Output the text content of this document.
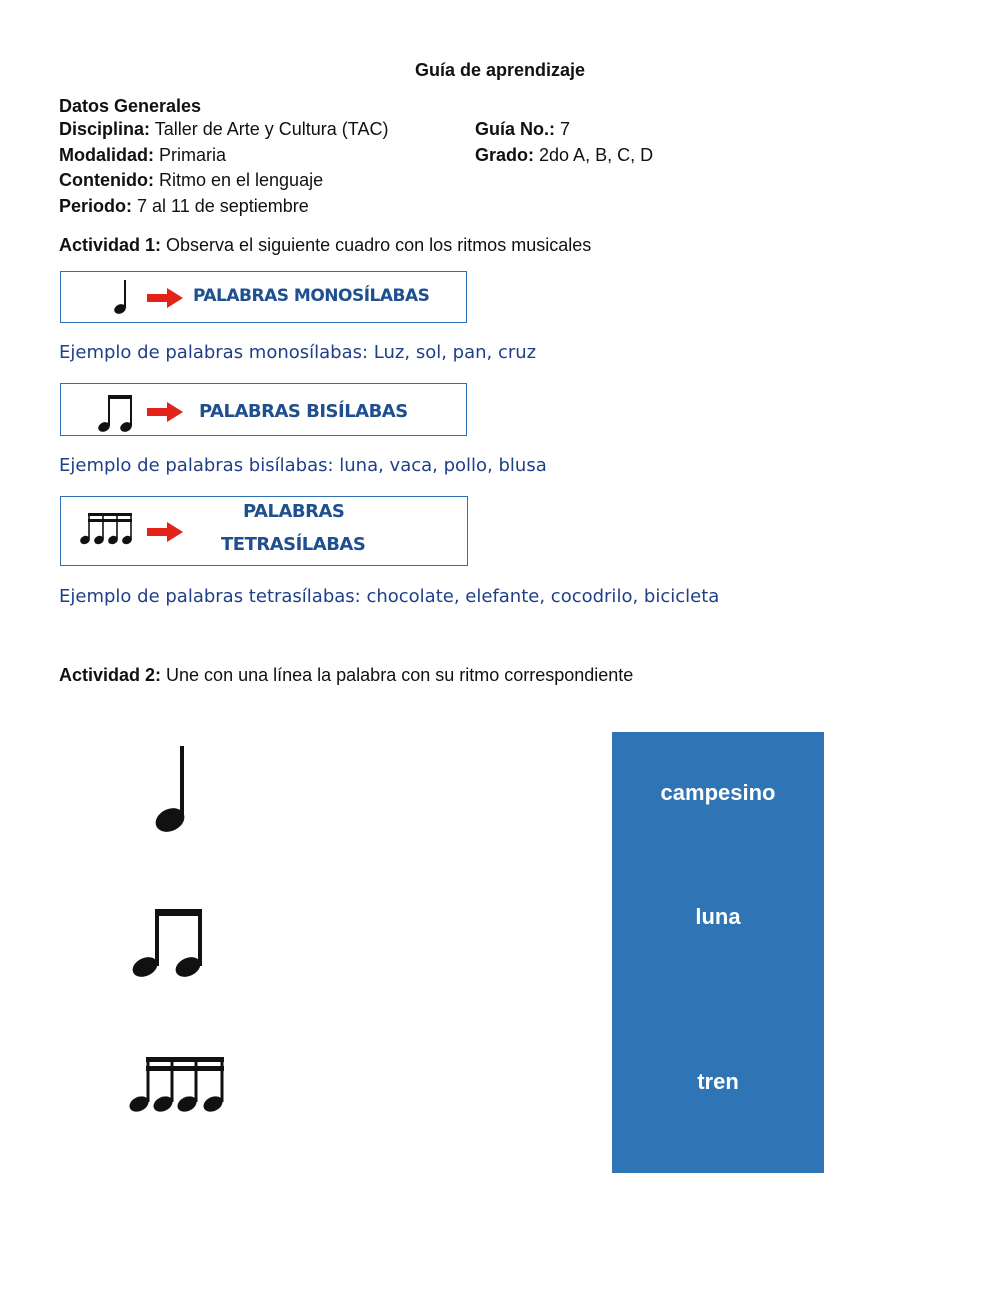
Guía de aprendizaje
Datos Generales
Disciplina: Taller de Arte y Cultura (TAC)	Guía No.: 7
Modalidad: Primaria	Grado: 2do A, B, C, D
Contenido: Ritmo en el lenguaje
Periodo: 7 al 11 de septiembre
Actividad 1: Observa el siguiente cuadro con los ritmos musicales
PALABRAS MONOSÍLABAS
Ejemplo de palabras monosílabas: Luz, sol, pan, cruz
PALABRAS BISÍLABAS
Ejemplo de palabras bisílabas: luna, vaca, pollo, blusa
PALABRAS
TETRASÍLABAS
Ejemplo de palabras tetrasílabas: chocolate, elefante, cocodrilo, bicicleta
Actividad 2: Une con una línea la palabra con su ritmo correspondiente
campesino
luna
tren
